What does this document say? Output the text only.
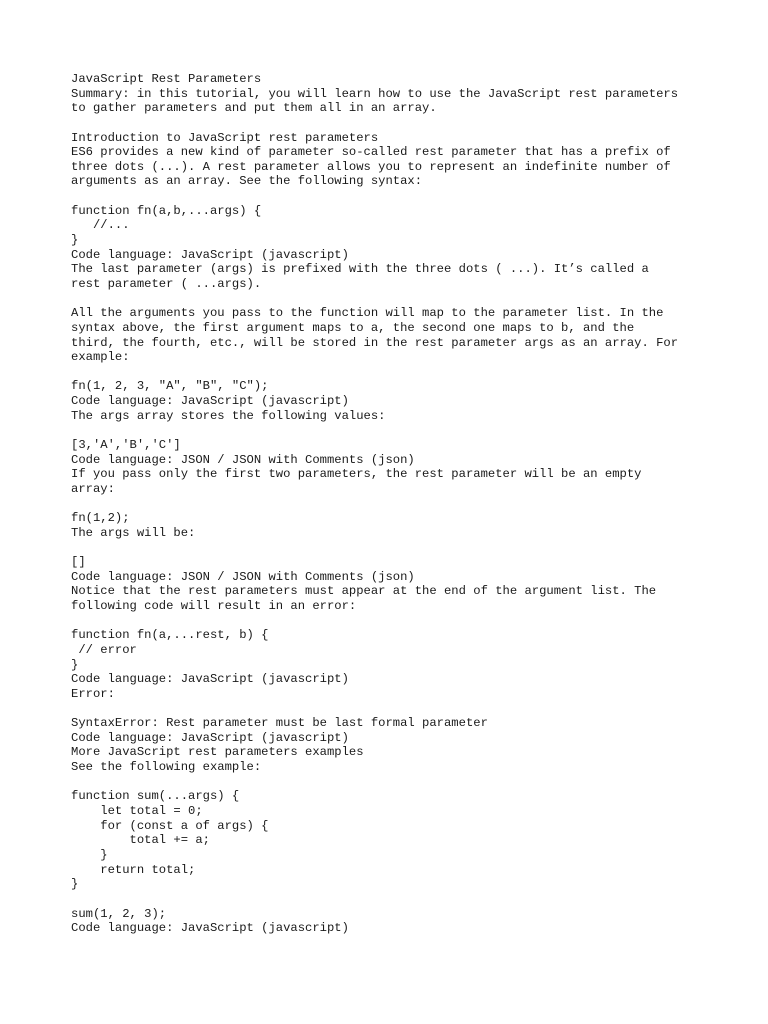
JavaScript Rest Parameters
Summary: in this tutorial, you will learn how to use the JavaScript rest parameters
to gather parameters and put them all in an array.
Introduction to JavaScript rest parameters
ES6 provides a new kind of parameter so-called rest parameter that has a prefix of
three dots (...). A rest parameter allows you to represent an indefinite number of
arguments as an array. See the following syntax:
function fn(a,b,...args) {
//...
}
Code language: JavaScript (javascript)
The last parameter (args) is prefixed with the three dots ( ...). It’s called a
rest parameter ( ...args).
All the arguments you pass to the function will map to the parameter list. In the
syntax above, the first argument maps to a, the second one maps to b, and the
third, the fourth, etc., will be stored in the rest parameter args as an array. For
example:
fn(1, 2, 3, "A", "B", "C");
Code language: JavaScript (javascript)
The args array stores the following values:
[3,'A','B','C']
Code language: JSON / JSON with Comments (json)
If you pass only the first two parameters, the rest parameter will be an empty
array:
fn(1,2);
The args will be:
[]
Code language: JSON / JSON with Comments (json)
Notice that the rest parameters must appear at the end of the argument list. The
following code will result in an error:
function fn(a,...rest, b) {
// error
}
Code language: JavaScript (javascript)
Error:
SyntaxError: Rest parameter must be last formal parameter
Code language: JavaScript (javascript)
More JavaScript rest parameters examples
See the following example:
function sum(...args) {
let total = 0;
for (const a of args) {
total += a;
}
return total;
}
sum(1, 2, 3);
Code language: JavaScript (javascript)
